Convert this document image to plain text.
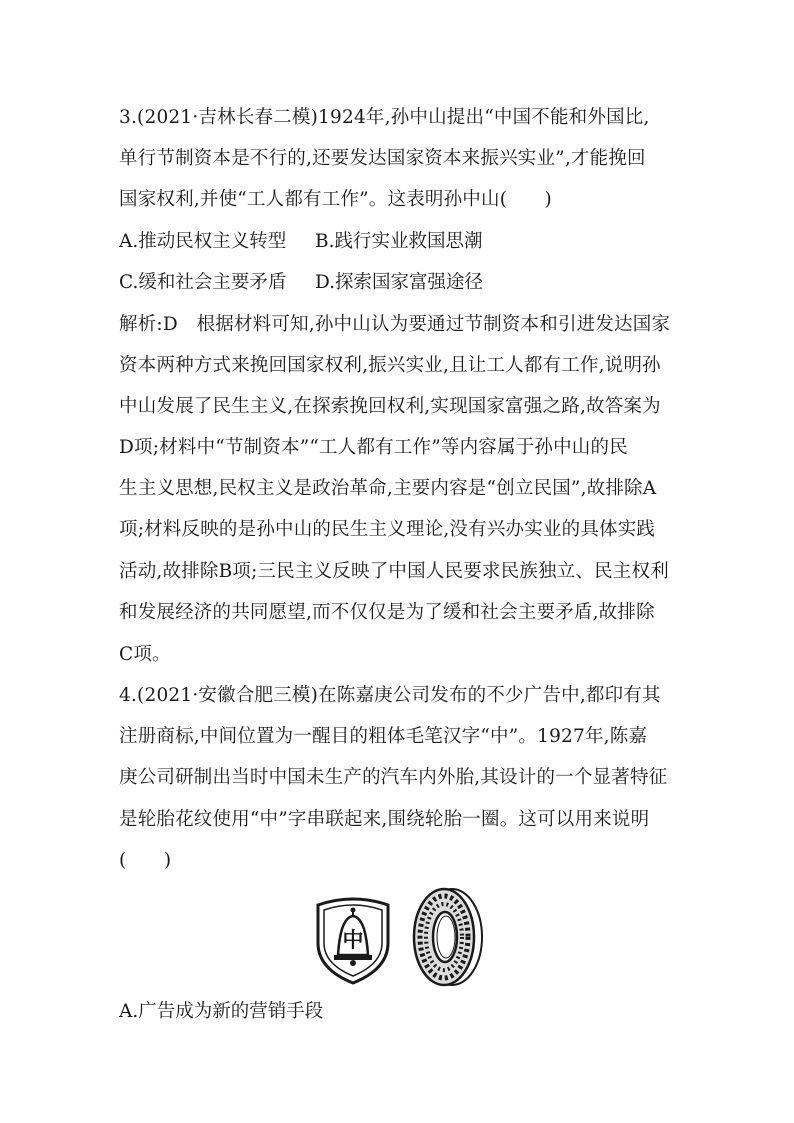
3.(2021·吉林长春二模)1924年,孙中山提出“中国不能和外国比,
单行节制资本是不行的,还要发达国家资本来振兴实业”,才能挽回
国家权利,并使“工人都有工作”。这表明孙中山(　　)
A.推动民权主义转型 B.践行实业救国思潮
C.缓和社会主要矛盾 D.探索国家富强途径
解析:D　根据材料可知,孙中山认为要通过节制资本和引进发达国家
资本两种方式来挽回国家权利,振兴实业,且让工人都有工作,说明孙
中山发展了民生主义,在探索挽回权利,实现国家富强之路,故答案为
D项;材料中“节制资本”“工人都有工作”等内容属于孙中山的民
生主义思想,民权主义是政治革命,主要内容是“创立民国”,故排除A
项;材料反映的是孙中山的民生主义理论,没有兴办实业的具体实践
活动,故排除B项;三民主义反映了中国人民要求民族独立、民主权利
和发展经济的共同愿望,而不仅仅是为了缓和社会主要矛盾,故排除
C项。
4.(2021·安徽合肥三模)在陈嘉庚公司发布的不少广告中,都印有其
注册商标,中间位置为一醒目的粗体毛笔汉字“中”。1927年,陈嘉
庚公司研制出当时中国未生产的汽车内外胎,其设计的一个显著特征
是轮胎花纹使用“中”字串联起来,围绕轮胎一圈。这可以用来说明
(　　)
中
A.广告成为新的营销手段
